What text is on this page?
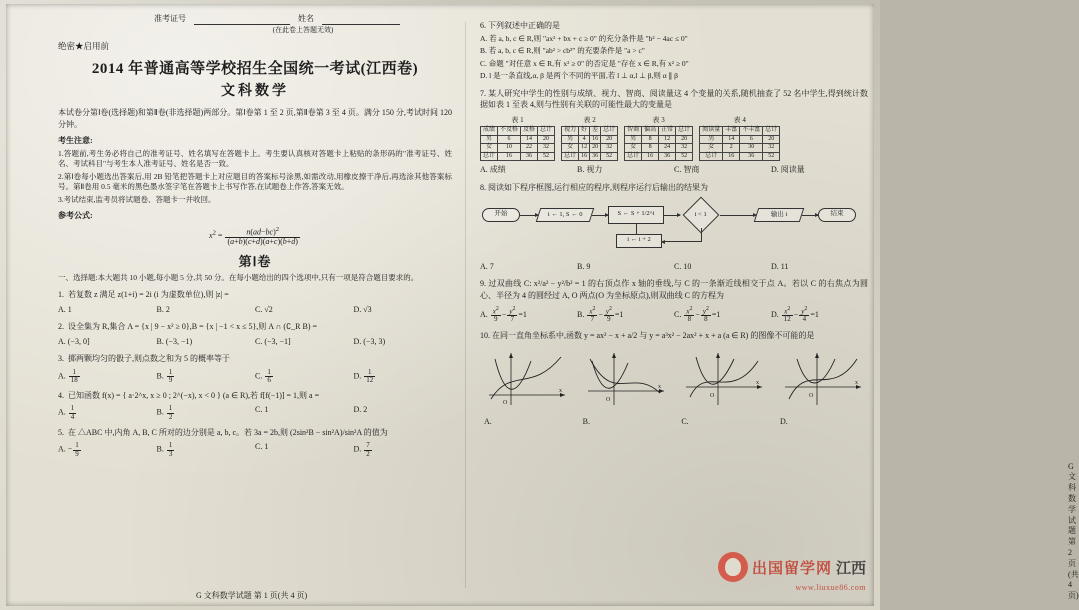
准考证号	姓名
(在此卷上答题无效)
绝密★启用前
2014 年普通高等学校招生全国统一考试(江西卷)
文科数学
本试卷分第Ⅰ卷(选择题)和第Ⅱ卷(非选择题)两部分。第Ⅰ卷第 1 至 2 页,第Ⅱ卷第 3 至 4 页。满分 150 分,考试时间 120 分钟。
考生注意:
1.答题前,考生务必将自己的准考证号、姓名填写在答题卡上。考生要认真核对答题卡上粘贴的条形码的"准考证号、姓名、考试科目"与考生本人准考证号、姓名是否一致。
2.第Ⅰ卷每小题选出答案后,用 2B 铅笔把答题卡上对应题目的答案标号涂黑,如需改动,用橡皮擦干净后,再选涂其他答案标号。第Ⅱ卷用 0.5 毫米的黑色墨水签字笔在答题卡上书写作答,在试题卷上作答,答案无效。
3.考试结束,监考员将试题卷、答题卡一并收回。
参考公式:
$x^2 = \frac{n(ad-bc)^2}{(a+b)(c+d)(a+c)(b+d)}$
第Ⅰ卷
一、选择题:本大题共 10 小题,每小题 5 分,共 50 分。在每小题给出的四个选项中,只有一项是符合题目要求的。
1. 若复数 z 满足 z(1+i) = 2i (i 为虚数单位),则 |z| =
A. 1	B. 2	C. √2	D. √3
2. 设全集为 R,集合 A = {x | 9 − x² ≥ 0},B = {x | −1 < x ≤ 5},则 A ∩ (∁_R B) =
A. (−3, 0]	B. (−3, −1)	C. (−3, −1]	D. (−3, 3)
3. 掷两颗均匀的骰子,则点数之和为 5 的概率等于
A. $\frac{1}{18}$	B. $\frac{1}{9}$	C. $\frac{1}{6}$	D. $\frac{1}{12}$
4. 已知函数 f(x) = { a·2^x, x ≥ 0 ; 2^(−x), x < 0 } (a ∈ R),若 f[f(−1)] = 1,则 a =
A. $\frac{1}{4}$	B. $\frac{1}{2}$	C. 1	D. 2
5. 在 △ABC 中,内角 A, B, C 所对的边分别是 a, b, c。若 3a = 2b,则 (2sin²B − sin²A)/sin²A 的值为
A. − $\frac{1}{9}$	B. $\frac{1}{3}$	C. 1	D. $\frac{7}{2}$
G 文科数学试题 第 1 页(共 4 页)
6. 下列叙述中正确的是
A. 若 a, b, c ∈ R,则 "ax² + bx + c ≥ 0" 的充分条件是 "b² − 4ac ≤ 0"
B. 若 a, b, c ∈ R,则 "ab² > cb²" 的充要条件是 "a > c"
C. 命题 "对任意 x ∈ R,有 x² ≥ 0" 的否定是 "存在 x ∈ R,有 x² ≥ 0"
D. l 是一条直线,α, β 是两个不同的平面,若 l ⊥ α,l ⊥ β,则 α ∥ β
7. 某人研究中学生的性别与成绩、视力、智商、阅读量这 4 个变量的关系,随机抽查了 52 名中学生,得到统计数据如表 1 至表 4,则与性别有关联的可能性最大的变量是
表 1
成绩	不及格	及格	总计
男	6	14	20
女	10	22	32
总计	16	36	52
表 2
视力	好	差	总计
男	4	16	20
女	12	20	32
总计	16	36	52
表 3
智商	偏高	正常	总计
男	8	12	20
女	8	24	32
总计	16	36	52
表 4
阅读量	丰富	不丰富	总计
男	14	6	20
女	2	30	32
总计	16	36	52
A. 成绩	B. 视力	C. 智商	D. 阅读量
8. 阅读如下程序框图,运行相应的程序,则程序运行后输出的结果为
开始	i ← 1, S ← 0	S ← S + 1/2^i	i < 1	输出 i	结束
i ← i + 2
A. 7	B. 9	C. 10	D. 11
9. 过双曲线 C: x²/a² − y²/b² = 1 的右顶点作 x 轴的垂线,与 C 的一条渐近线相交于点 A。若以 C 的右焦点为圆心、半径为 4 的圆经过 A, O 两点(O 为坐标原点),则双曲线 C 的方程为
A. $\frac{x^2}{9} - \frac{y^2}{7} =1$	B. $\frac{x^2}{7} - \frac{y^2}{9} =1$	C. $\frac{x^2}{8} - \frac{y^2}{8} =1$	D. $\frac{x^2}{12} - \frac{y^2}{4} =1$
10. 在同一直角坐标系中,函数 y = ax² − x + a/2 与 y = a³x² − 2ax² + x + a (a ∈ R) 的图像不可能的是
O
x
A.
O
x
B.
O
x
C.
O
x
D.
G 文科数学试题 第 2 页(共 4 页)
出国留学网 江西
www.liuxue86.com
